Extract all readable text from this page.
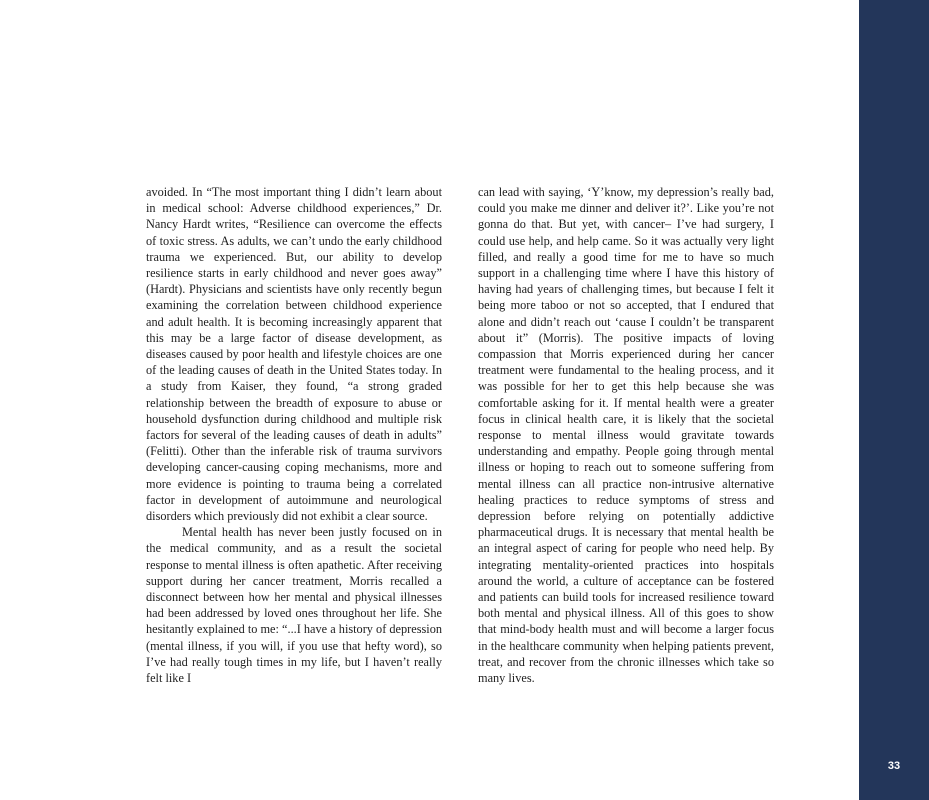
avoided. In “The most important thing I didn’t learn about in medical school: Adverse childhood experiences,” Dr. Nancy Hardt writes, “Resilience can overcome the effects of toxic stress. As adults, we can’t undo the early childhood trauma we experienced. But, our ability to develop resilience starts in early childhood and never goes away” (Hardt). Physicians and scientists have only recently begun examining the correlation between childhood experience and adult health. It is becoming increasingly apparent that this may be a large factor of disease development, as diseases caused by poor health and lifestyle choices are one of the leading causes of death in the United States today. In a study from Kaiser, they found, “a strong graded relationship between the breadth of exposure to abuse or household dysfunction during childhood and multiple risk factors for several of the leading causes of death in adults” (Felitti). Other than the inferable risk of trauma survivors developing cancer-causing coping mechanisms, more and more evidence is pointing to trauma being a correlated factor in development of autoimmune and neurological disorders which previously did not exhibit a clear source.

Mental health has never been justly focused on in the medical community, and as a result the societal response to mental illness is often apathetic. After receiving support during her cancer treatment, Morris recalled a disconnect between how her mental and physical illnesses had been addressed by loved ones throughout her life. She hesitantly explained to me: “...I have a history of depression (mental illness, if you will, if you use that hefty word), so I’ve had really tough times in my life, but I haven’t really felt like I

can lead with saying, ‘Y’know, my depression’s really bad, could you make me dinner and deliver it?’. Like you’re not gonna do that. But yet, with cancer– I’ve had surgery, I could use help, and help came. So it was actually very light filled, and really a good time for me to have so much support in a challenging time where I have this history of having had years of challenging times, but because I felt it being more taboo or not so accepted, that I endured that alone and didn’t reach out ‘cause I couldn’t be transparent about it” (Morris). The positive impacts of loving compassion that Morris experienced during her cancer treatment were fundamental to the healing process, and it was possible for her to get this help because she was comfortable asking for it. If mental health were a greater focus in clinical health care, it is likely that the societal response to mental illness would gravitate towards understanding and empathy. People going through mental illness or hoping to reach out to someone suffering from mental illness can all practice non-intrusive alternative healing practices to reduce symptoms of stress and depression before relying on potentially addictive pharmaceutical drugs. It is necessary that mental health be an integral aspect of caring for people who need help. By integrating mentality-oriented practices into hospitals around the world, a culture of acceptance can be fostered and patients can build tools for increased resilience toward both mental and physical illness. All of this goes to show that mind-body health must and will become a larger focus in the healthcare community when helping patients prevent, treat, and recover from the chronic illnesses which take so many lives.

33
